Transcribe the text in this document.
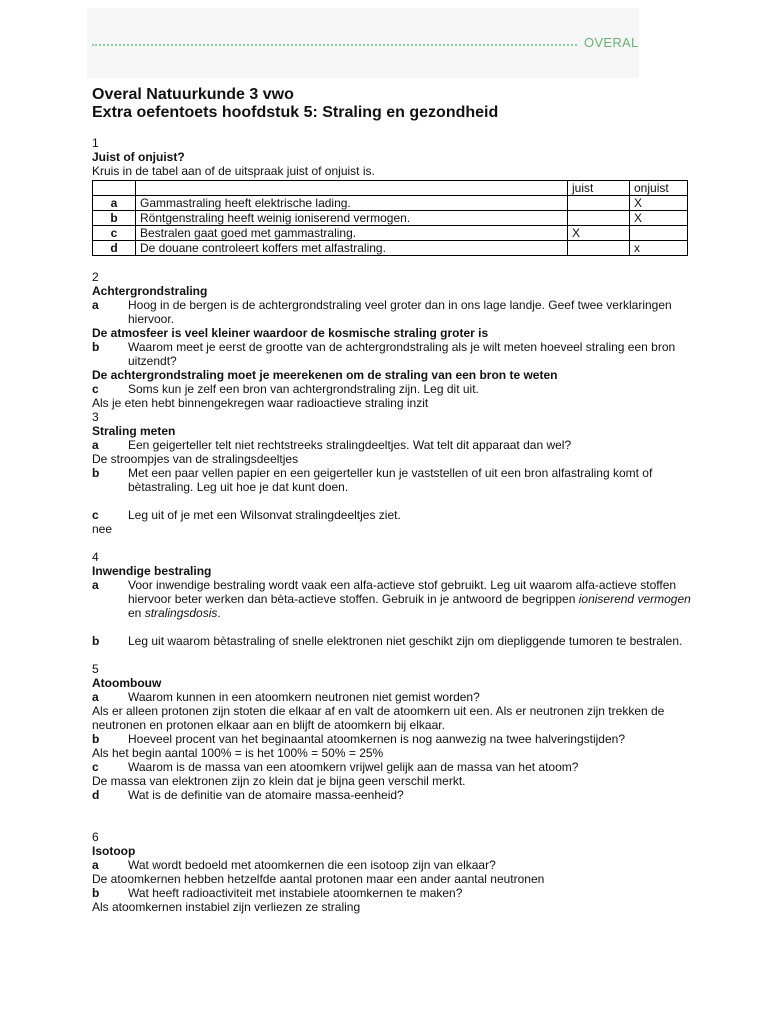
OVERAL
Overal Natuurkunde 3 vwo
Extra oefentoets hoofdstuk 5: Straling en gezondheid
1
Juist of onjuist?
Kruis in de tabel aan of de uitspraak juist of onjuist is.
		juist	onjuist
a	Gammastraling heeft elektrische lading.		X
b	Röntgenstraling heeft weinig ioniserend vermogen.		X
c	Bestralen gaat goed met gammastraling.	X	
d	De douane controleert koffers met alfastraling.		x
2
Achtergrondstraling
a Hoog in de bergen is de achtergrondstraling veel groter dan in ons lage landje. Geef twee verklaringen hiervoor.
De atmosfeer is veel kleiner waardoor de kosmische straling groter is
b Waarom meet je eerst de grootte van de achtergrondstraling als je wilt meten hoeveel straling een bron uitzendt?
De achtergrondstraling moet je meerekenen om de straling van een bron te weten
c Soms kun je zelf een bron van achtergrondstraling zijn. Leg dit uit.
Als je eten hebt binnengekregen waar radioactieve straling inzit
3
Straling meten
a Een geigerteller telt niet rechtstreeks stralingdeeltjes. Wat telt dit apparaat dan wel?
De stroompjes van de stralingsdeeltjes
b Met een paar vellen papier en een geigerteller kun je vaststellen of uit een bron alfastraling komt of bètastraling. Leg uit hoe je dat kunt doen.
c Leg uit of je met een Wilsonvat stralingdeeltjes ziet.
nee
4
Inwendige bestraling
a Voor inwendige bestraling wordt vaak een alfa-actieve stof gebruikt. Leg uit waarom alfa-actieve stoffen hiervoor beter werken dan bèta-actieve stoffen. Gebruik in je antwoord de begrippen ioniserend vermogen en stralingsdosis.
b Leg uit waarom bètastraling of snelle elektronen niet geschikt zijn om diepliggende tumoren te bestralen.
5
Atoombouw
a Waarom kunnen in een atoomkern neutronen niet gemist worden?
Als er alleen protonen zijn stoten die elkaar af en valt de atoomkern uit een. Als er neutronen zijn trekken de neutronen en protonen elkaar aan en blijft de atoomkern bij elkaar.
b Hoeveel procent van het beginaantal atoomkernen is nog aanwezig na twee halveringstijden?
Als het begin aantal 100% = is het 100% = 50% = 25%
c Waarom is de massa van een atoomkern vrijwel gelijk aan de massa van het atoom?
De massa van elektronen zijn zo klein dat je bijna geen verschil merkt.
d Wat is de definitie van de atomaire massa-eenheid?
6
Isotoop
a Wat wordt bedoeld met atoomkernen die een isotoop zijn van elkaar?
De atoomkernen hebben hetzelfde aantal protonen maar een ander aantal neutronen
b Wat heeft radioactiviteit met instabiele atoomkernen te maken?
Als atoomkernen instabiel zijn verliezen ze straling
